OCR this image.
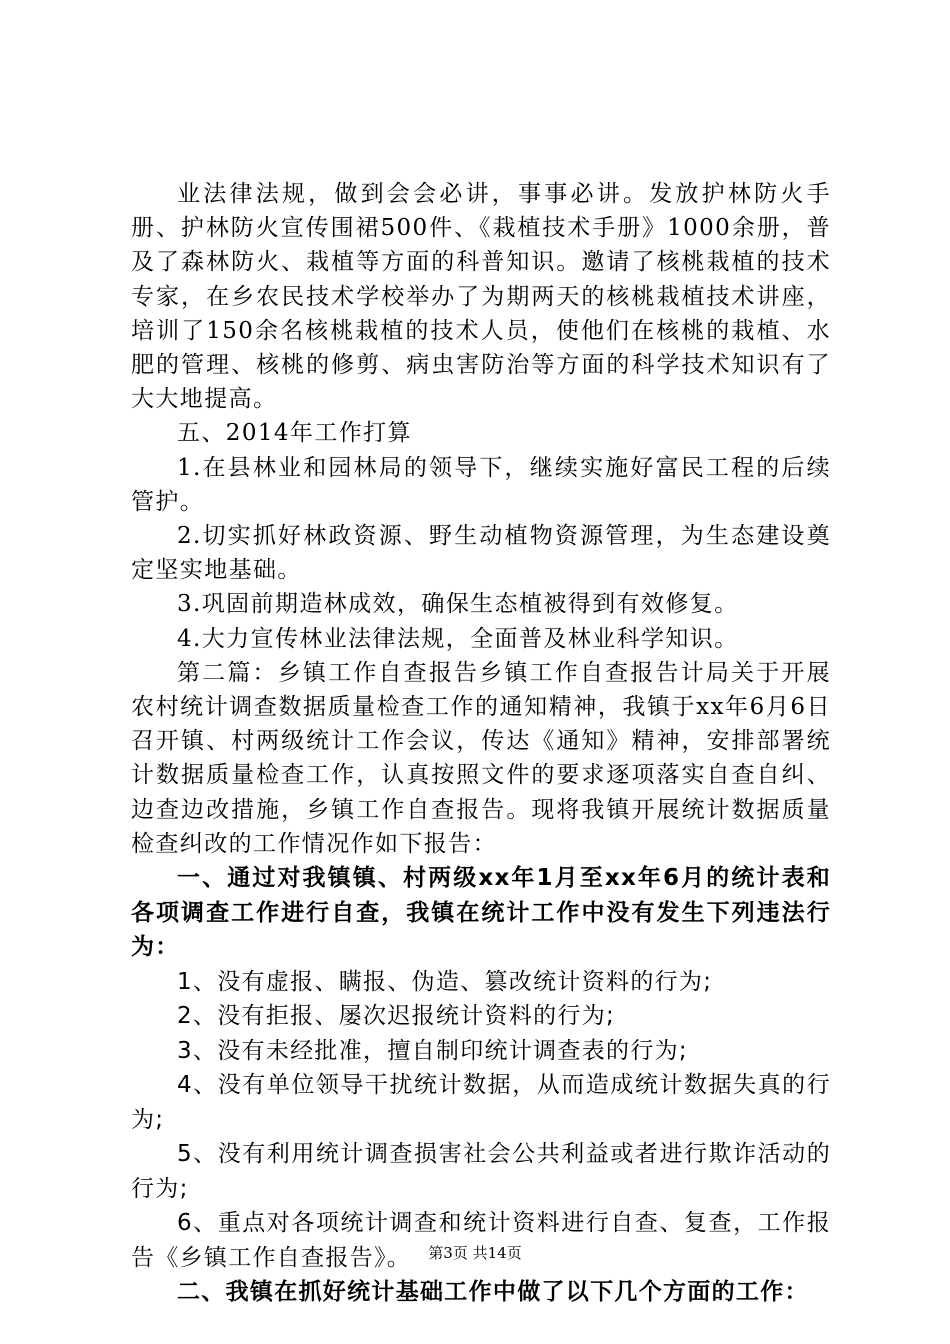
业法律法规，做到会会必讲，事事必讲。发放护林防火手册、护林防火宣传围裙500件、《栽植技术手册》1000余册，普及了森林防火、栽植等方面的科普知识。邀请了核桃栽植的技术专家，在乡农民技术学校举办了为期两天的核桃栽植技术讲座，培训了150余名核桃栽植的技术人员，使他们在核桃的栽植、水肥的管理、核桃的修剪、病虫害防治等方面的科学技术知识有了大大地提高。

五、2014年工作打算

1.在县林业和园林局的领导下，继续实施好富民工程的后续管护。

2.切实抓好林政资源、野生动植物资源管理，为生态建设奠定坚实地基础。

3.巩固前期造林成效，确保生态植被得到有效修复。

4.大力宣传林业法律法规，全面普及林业科学知识。

第二篇：乡镇工作自查报告乡镇工作自查报告计局关于开展农村统计调查数据质量检查工作的通知精神，我镇于xx年6月6日召开镇、村两级统计工作会议，传达《通知》精神，安排部署统计数据质量检查工作，认真按照文件的要求逐项落实自查自纠、边查边改措施，乡镇工作自查报告。现将我镇开展统计数据质量检查纠改的工作情况作如下报告：

一、通过对我镇镇、村两级xx年1月至xx年6月的统计表和各项调查工作进行自查，我镇在统计工作中没有发生下列违法行为：

1、没有虚报、瞒报、伪造、篡改统计资料的行为;

2、没有拒报、屡次迟报统计资料的行为;

3、没有未经批准，擅自制印统计调查表的行为;

4、没有单位领导干扰统计数据，从而造成统计数据失真的行为;

5、没有利用统计调查损害社会公共利益或者进行欺诈活动的行为;

6、重点对各项统计调查和统计资料进行自查、复查，工作报告《乡镇工作自查报告》。

二、我镇在抓好统计基础工作中做了以下几个方面的工作：

第3页 共14页
